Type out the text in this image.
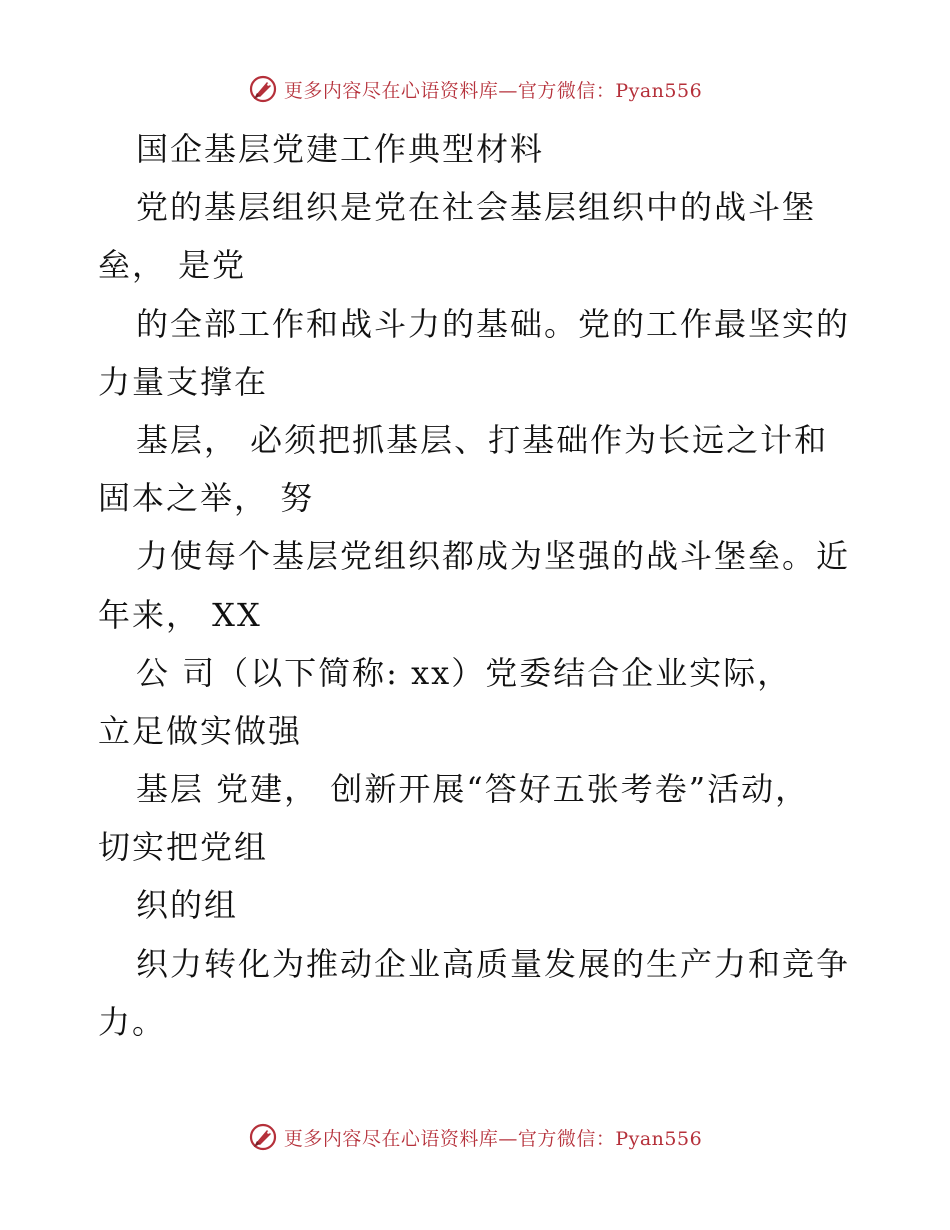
更多内容尽在心语资料库—官方微信：Pyan556
国企基层党建工作典型材料
党的基层组织是党在社会基层组织中的战斗堡
垒， 是党
的全部工作和战斗力的基础。党的工作最坚实的
力量支撑在
基层， 必须把抓基层、打基础作为长远之计和
固本之举， 努
力使每个基层党组织都成为坚强的战斗堡垒。近
年来， XX
公 司（以下简称: xx）党委结合企业实际，
立足做实做强
基层 党建， 创新开展“答好五张考卷”活动，
切实把党组
织的组
织力转化为推动企业高质量发展的生产力和竞争
力。
更多内容尽在心语资料库—官方微信：Pyan556
